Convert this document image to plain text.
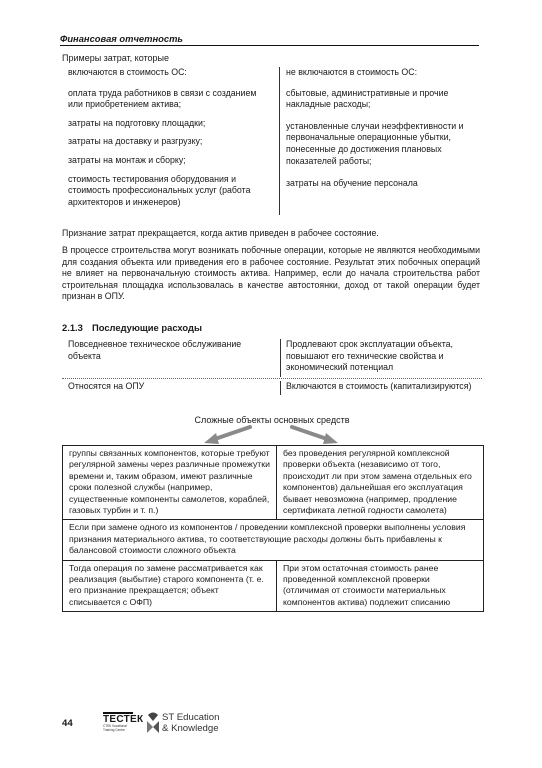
Финансовая отчетность
Примеры затрат, которые
включаются в стоимость ОС:
оплата труда работников в связи с созданием или приобретением актива;
затраты на подготовку площадки;
затраты на доставку и разгрузку;
затраты на монтаж и сборку;
стоимость тестирования оборудования и стоимость профессиональных услуг (работа архитекторов и инженеров)
не включаются в стоимость ОС:
сбытовые, административные и прочие накладные расходы;
установленные случаи неэффективности и первоначальные операционные убытки, понесенные до достижения плановых показателей работы;
затраты на обучение персонала
Признание затрат прекращается, когда актив приведен в рабочее состояние.
В процессе строительства могут возникать побочные операции, которые не являются необходимыми для создания объекта или приведения его в рабочее состояние. Результат этих побочных операций не влияет на первоначальную стоимость актива. Например, если до начала строительства работ строительная площадка использовалась в качестве автостоянки, доход от такой операции будет признан в ОПУ.
2.1.3 Последующие расходы
Повседневное техническое обслуживание объекта
Продлевают срок эксплуатации объекта, повышают его технические свойства и экономический потенциал
Относятся на ОПУ	Включаются в стоимость (капитализируются)
Сложные объекты основных средств
группы связанных компонентов, которые требуют регулярной замены через различные промежутки времени и, таким образом, имеют различные сроки полезной службы (например, существенные компоненты самолетов, кораблей, газовых турбин и т. п.)
без проведения регулярной комплексной проверки объекта (независимо от того, происходит ли при этом замена отдельных его компонентов) дальнейшая его эксплуатация бывает невозможна (например, продление сертификата летной годности самолета)
Если при замене одного из компонентов / проведении комплексной проверки выполнены условия признания материального актива, то соответствующие расходы должны быть прибавлены к балансовой стоимости сложного объекта
Тогда операция по замене рассматривается как реализация (выбытие) старого компонента (т. е. его признание прекращается; объект списывается с ОФП)
При этом остаточная стоимость ранее проведенной комплексной проверки (отличимая от стоимости материальных компонентов актива) подлежит списанию
44	ТЕСТЕК
СТЕК Vocational Training Centre
ST Education
& Knowledge
